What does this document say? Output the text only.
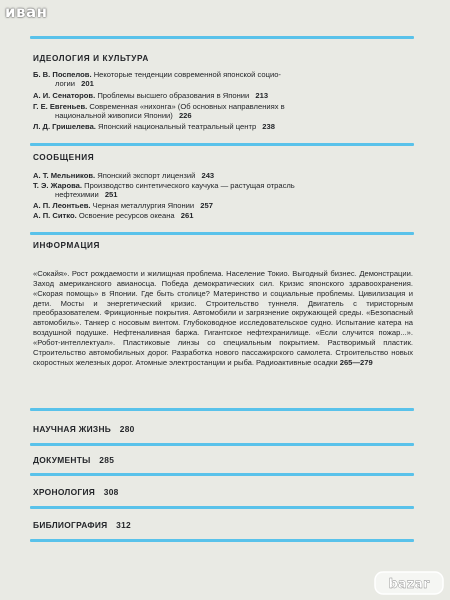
иван
ИДЕОЛОГИЯ И КУЛЬТУРА
Б. В. Поспелов. Некоторые тенденции современной японской социо-
логии 201
А. И. Сенаторов. Проблемы высшего образования в Японии 213
Г. Е. Евгеньев. Современная «нихонга» (Об основных направлениях в
национальной живописи Японии) 226
Л. Д. Гришелева. Японский национальный театральный центр 238
СООБЩЕНИЯ
А. Т. Мельников. Японский экспорт лицензий 243
Т. Э. Жарова. Производство синтетического каучука — растущая отрасль
нефтехимии 251
А. П. Леонтьев. Черная металлургия Японии 257
А. П. Ситко. Освоение ресурсов океана 261
ИНФОРМАЦИЯ
«Сокайя». Рост рождаемости и жилищная проблема. Население Токио. Выгодный бизнес. Демонстрации. Заход американского авианосца. Победа демократических сил. Кризис японского здравоохранения. «Скорая помощь» в Японии. Где быть столице? Материнство и социальные проблемы. Цивилизация и дети. Мосты и энергетический кризис. Строительство туннеля. Двигатель с тиристорным преобразователем. Фрикционные покрытия. Автомобили и загрязнение окружающей среды. «Безопасный автомобиль». Танкер с носовым винтом. Глубоководное исследовательское судно. Испытание катера на воздушной подушке. Нефтеналивная баржа. Гигантское нефтехранилище. «Если случится пожар...». «Робот-интеллектуал». Пластиковые линзы со специальным покрытием. Растворимый пластик. Строительство автомобильных дорог. Разработка нового пассажирского самолета. Строительство новых скоростных железных дорог. Атомные электростанции и рыба. Радиоактивные осадки 265—279
НАУЧНАЯ ЖИЗНЬ 280
ДОКУМЕНТЫ 285
ХРОНОЛОГИЯ 308
БИБЛИОГРАФИЯ 312
bazar
